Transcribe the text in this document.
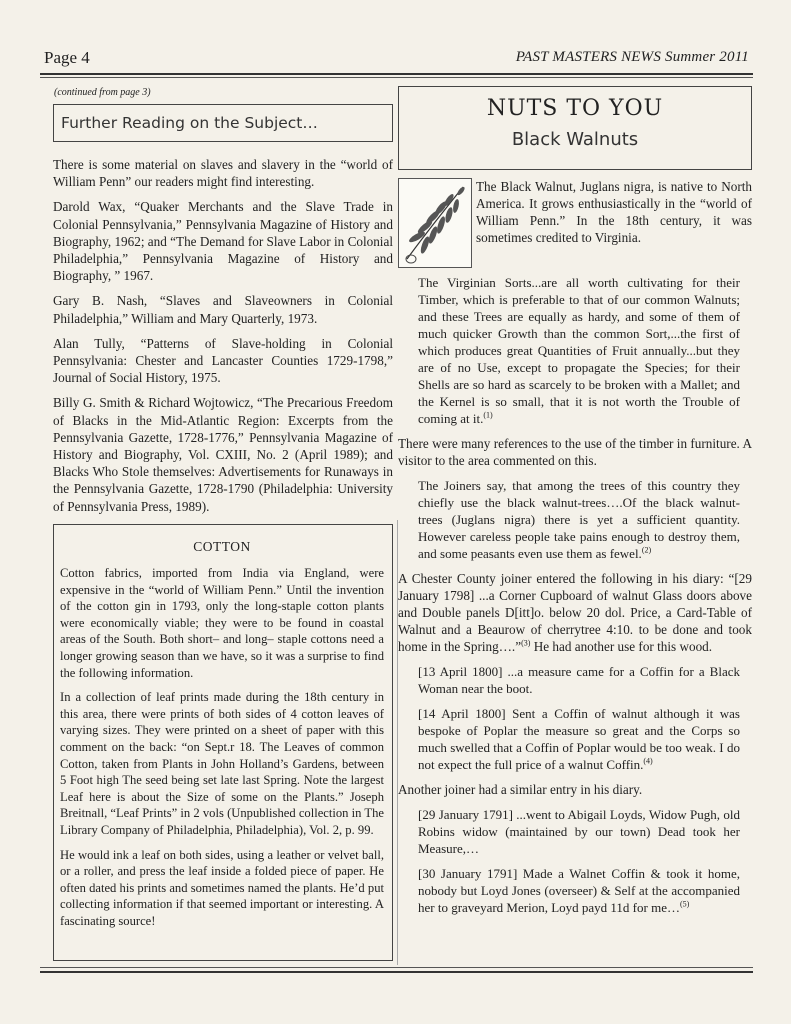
Page 4	PAST MASTERS NEWS Summer 2011
(continued from page 3)
Further Reading on the Subject…

There is some material on slaves and slavery in the “world of William Penn” our readers might find interesting.

Darold Wax, “Quaker Merchants and the Slave Trade in Colonial Pennsylvania,” Pennsylvania Magazine of History and Biography, 1962; and “The Demand for Slave Labor in Colonial Philadelphia,” Pennsylvania Magazine of History and Biography, ” 1967.

Gary B. Nash, “Slaves and Slaveowners in Colonial Philadelphia,” William and Mary Quarterly, 1973.

Alan Tully, “Patterns of Slave-holding in Colonial Pennsylvania: Chester and Lancaster Counties 1729-1798,” Journal of Social History, 1975.

Billy G. Smith & Richard Wojtowicz, “The Precarious Freedom of Blacks in the Mid-Atlantic Region: Excerpts from the Pennsylvania Gazette, 1728-1776,” Pennsylvania Magazine of History and Biography, Vol. CXIII, No. 2 (April 1989); and Blacks Who Stole themselves: Advertisements for Runaways in the Pennsylvania Gazette, 1728-1790 (Philadelphia: University of Pennsylvania Press, 1989).

COTTON

Cotton fabrics, imported from India via England, were expensive in the “world of William Penn.” Until the invention of the cotton gin in 1793, only the long-staple cotton plants were economically viable; they were to be found in coastal areas of the South. Both short– and long– staple cottons need a longer growing season than we have, so it was a surprise to find the following information.

In a collection of leaf prints made during the 18th century in this area, there were prints of both sides of 4 cotton leaves of varying sizes. They were printed on a sheet of paper with this comment on the back: “on Sept.r 18. The Leaves of common Cotton, taken from Plants in John Holland’s Gardens, between 5 Foot high The seed being set late last Spring. Note the largest Leaf here is about the Size of some on the Plants.” Joseph Breitnall, “Leaf Prints” in 2 vols (Unpublished collection in The Library Company of Philadelphia, Philadelphia), Vol. 2, p. 99.

He would ink a leaf on both sides, using a leather or velvet ball, or a roller, and press the leaf inside a folded piece of paper. He often dated his prints and sometimes named the plants. He’d put collecting information if that seemed important or interesting. A fascinating source!

NUTS TO YOU
Black Walnuts
The Black Walnut, Juglans nigra, is native to North America. It grows enthusiastically in the “world of William Penn.” In the 18th century, it was sometimes credited to Virginia.

The Virginian Sorts...are all worth cultivating for their Timber, which is preferable to that of our common Walnuts; and these Trees are equally as hardy, and some of them of much quicker Growth than the common Sort,...the first of which produces great Quantities of Fruit annually...but they are of no Use, except to propagate the Species; for their Shells are so hard as scarcely to be broken with a Mallet; and the Kernel is so small, that it is not worth the Trouble of coming at it.$^{(1)}$

There were many references to the use of the timber in furniture. A visitor to the area commented on this.

The Joiners say, that among the trees of this country they chiefly use the black walnut-trees….Of the black walnut-trees (Juglans nigra) there is yet a sufficient quantity. However careless people take pains enough to destroy them, and some peasants even use them as fewel.$^{(2)}$

A Chester County joiner entered the following in his diary: “[29 January 1798] ...a Corner Cupboard of walnut Glass doors above and Double panels D[itt]o. below 20 dol. Price, a Card-Table of Walnut and a Beaurow of cherrytree 4:10. to be done and took home in the Spring….”$^{(3)}$ He had another use for this wood.

[13 April 1800] ...a measure came for a Coffin for a Black Woman near the boot.

[14 April 1800] Sent a Coffin of walnut although it was bespoke of Poplar the measure so great and the Corps so much swelled that a Coffin of Poplar would be too weak. I do not expect the full price of a walnut Coffin.$^{(4)}$

Another joiner had a similar entry in his diary.

[29 January 1791] ...went to Abigail Loyds, Widow Pugh, old Robins widow (maintained by our town) Dead took her Measure,…

[30 January 1791] Made a Walnet Coffin & took it home, nobody but Loyd Jones (overseer) & Self at the accompanied her to graveyard Merion, Loyd payd 11d for me…$^{(5)}$
